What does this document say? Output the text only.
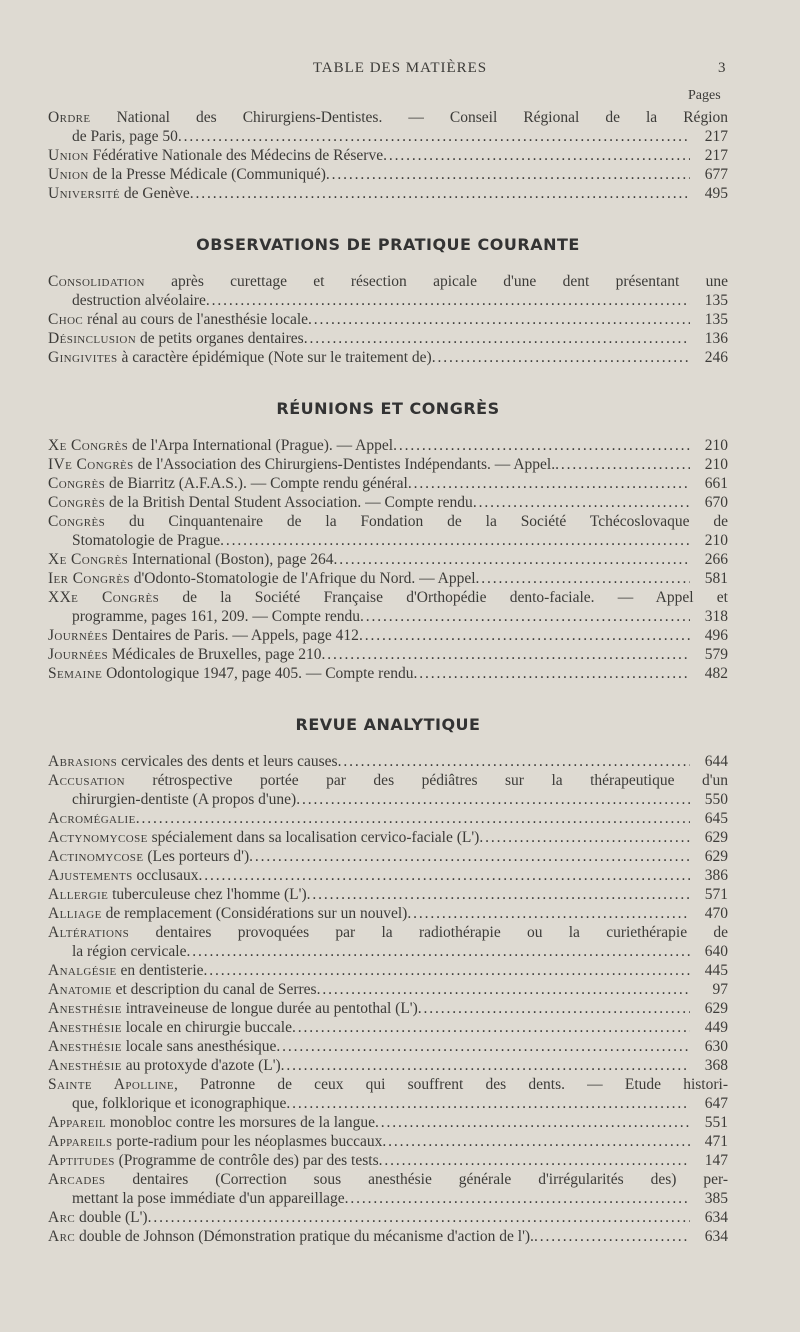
TABLE DES MATIÈRES	3
Pages
Ordre National des Chirurgiens-Dentistes. — Conseil Régional de la Région
de Paris, page 50 . . .	217
Union Fédérative Nationale des Médecins de Réserve . . .	217
Union de la Presse Médicale (Communiqué) . . .	677
Université de Genève . . .	495
OBSERVATIONS DE PRATIQUE COURANTE
Consolidation après curettage et résection apicale d'une dent présentant une
destruction alvéolaire . . .	135
Choc rénal au cours de l'anesthésie locale . . .	135
Désinclusion de petits organes dentaires . . .	136
Gingivites à caractère épidémique (Note sur le traitement de) . . .	246
RÉUNIONS ET CONGRÈS
Xe Congrès de l'Arpa International (Prague). — Appel . . .	210
IVe Congrès de l'Association des Chirurgiens-Dentistes Indépendants. — Appel. . . .	210
Congrès de Biarritz (A.F.A.S.). — Compte rendu général . . .	661
Congrès de la British Dental Student Association. — Compte rendu . . .	670
Congrès du Cinquantenaire de la Fondation de la Société Tchécoslovaque de
Stomatologie de Prague . . .	210
Xe Congrès International (Boston), page 264 . . .	266
Ier Congrès d'Odonto-Stomatologie de l'Afrique du Nord. — Appel . . .	581
XXe Congrès de la Société Française d'Orthopédie dento-faciale. — Appel et
programme, pages 161, 209. — Compte rendu . . .	318
Journées Dentaires de Paris. — Appels, page 412 . . .	496
Journées Médicales de Bruxelles, page 210 . . .	579
Semaine Odontologique 1947, page 405. — Compte rendu . . .	482
REVUE ANALYTIQUE
Abrasions cervicales des dents et leurs causes . . .	644
Accusation rétrospective portée par des pédiâtres sur la thérapeutique d'un
chirurgien-dentiste (A propos d'une) . . .	550
Acromégalie . . .	645
Actynomycose spécialement dans sa localisation cervico-faciale (L') . . .	629
Actinomycose (Les porteurs d') . . .	629
Ajustements occlusaux . . .	386
Allergie tuberculeuse chez l'homme (L') . . .	571
Alliage de remplacement (Considérations sur un nouvel) . . .	470
Altérations dentaires provoquées par la radiothérapie ou la curiethérapie de
la région cervicale . . .	640
Analgésie en dentisterie . . .	445
Anatomie et description du canal de Serres . . .	97
Anesthésie intraveineuse de longue durée au pentothal (L') . . .	629
Anesthésie locale en chirurgie buccale . . .	449
Anesthésie locale sans anesthésique . . .	630
Anesthésie au protoxyde d'azote (L') . . .	368
Sainte Apolline, Patronne de ceux qui souffrent des dents. — Etude histori-
que, folklorique et iconographique . . .	647
Appareil monobloc contre les morsures de la langue . . .	551
Appareils porte-radium pour les néoplasmes buccaux . . .	471
Aptitudes (Programme de contrôle des) par des tests . . .	147
Arcades dentaires (Correction sous anesthésie générale d'irrégularités des) per-
mettant la pose immédiate d'un appareillage . . .	385
Arc double (L') . . .	634
Arc double de Johnson (Démonstration pratique du mécanisme d'action de l'). . . .	634
